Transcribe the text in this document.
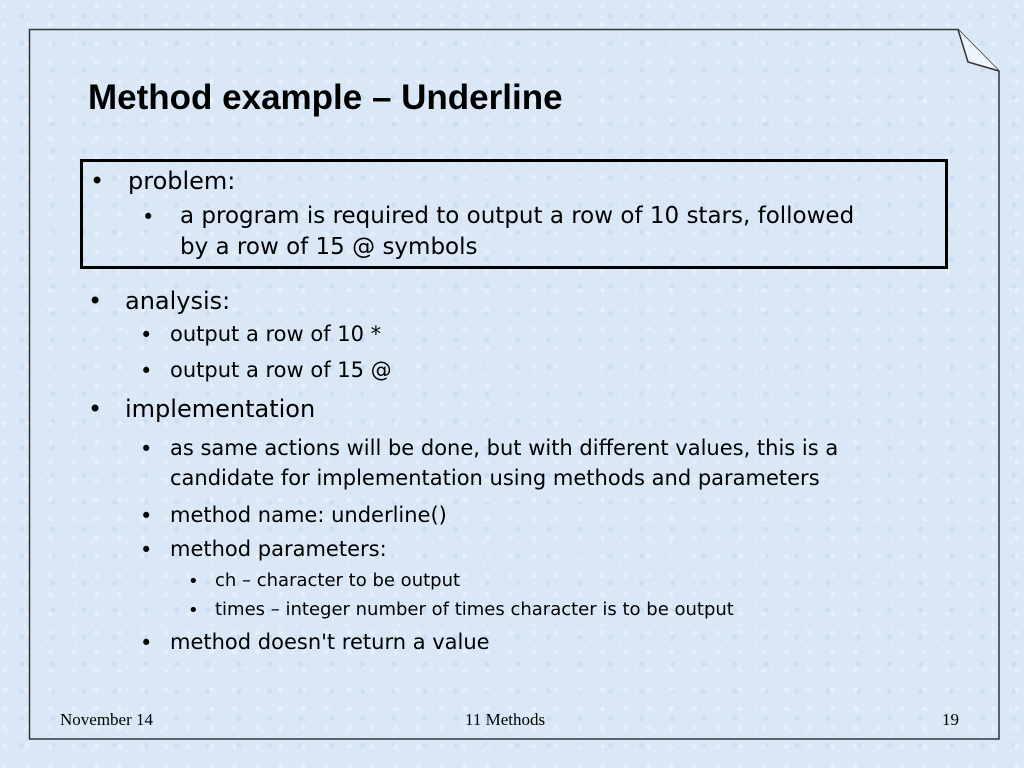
Method example – Underline
• problem:
• a program is required to output a row of 10 stars, followed
by a row of 15 @ symbols
• analysis:
• output a row of 10 *
• output a row of 15 @
• implementation
• as same actions will be done, but with different values, this is a
candidate for implementation using methods and parameters
• method name: underline()
• method parameters:
• ch – character to be output
• times – integer number of times character is to be output
• method doesn't return a value
November 14	11 Methods	19
